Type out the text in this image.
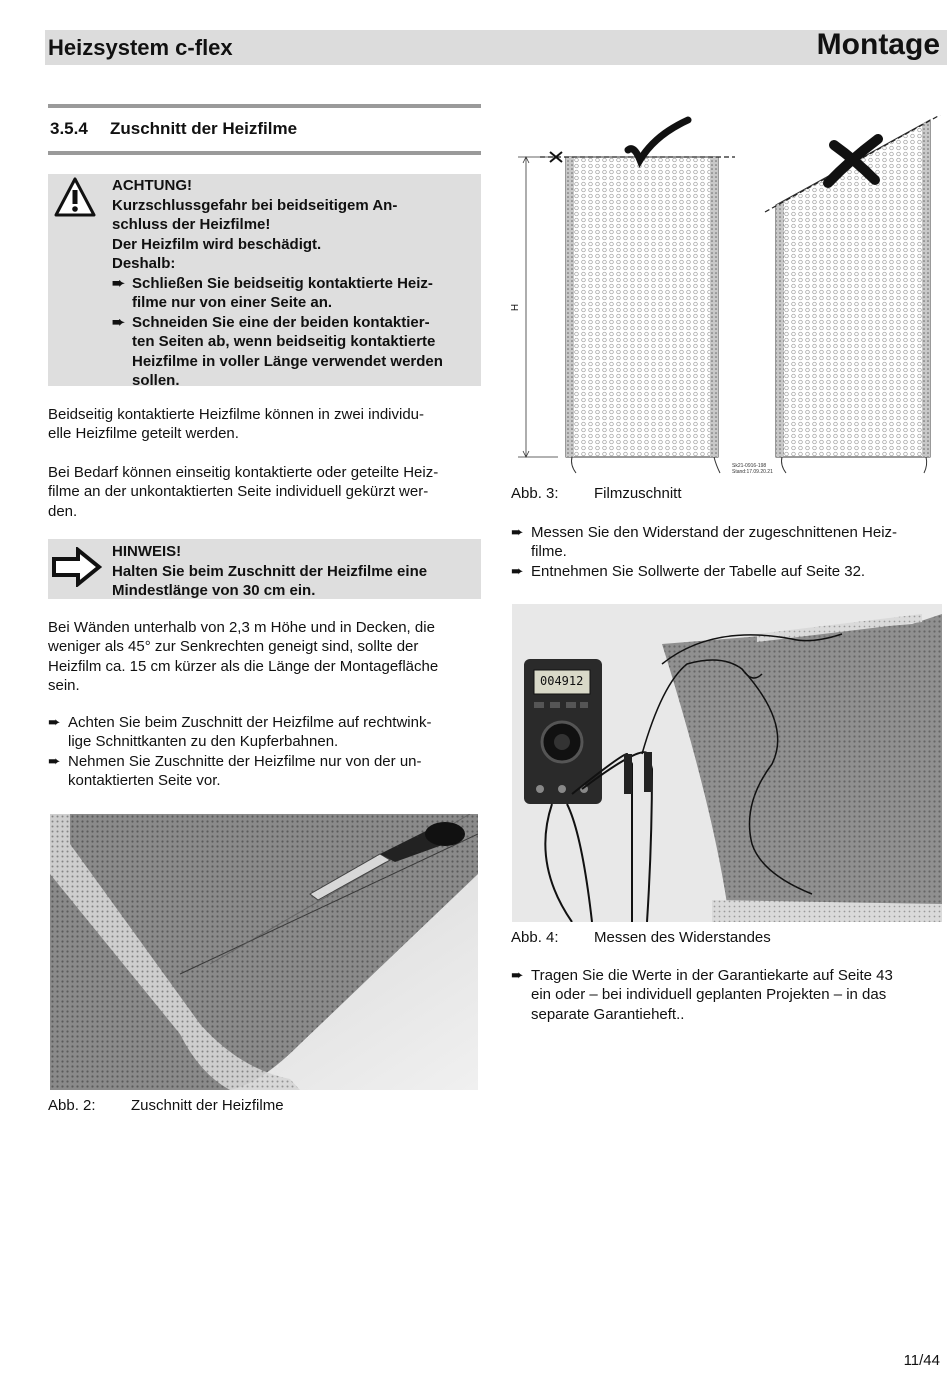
Heizsystem c-flex	Montage
3.5.4 Zuschnitt der Heizfilme
ACHTUNG!
Kurzschlussgefahr bei beidseitigem An-
schluss der Heizfilme!
Der Heizfilm wird beschädigt.
Deshalb:
➨ Schließen Sie beidseitig kontaktierte Heiz-
filme nur von einer Seite an.
➨ Schneiden Sie eine der beiden kontaktier-
ten Seiten ab, wenn beidseitig kontaktierte
Heizfilme in voller Länge verwendet werden
sollen.
Beidseitig kontaktierte Heizfilme können in zwei individu-
elle Heizfilme geteilt werden.
Bei Bedarf können einseitig kontaktierte oder geteilte Heiz-
filme an der unkontaktierten Seite individuell gekürzt wer-
den.
HINWEIS!
Halten Sie beim Zuschnitt der Heizfilme eine
Mindestlänge von 30 cm ein.
Bei Wänden unterhalb von 2,3 m Höhe und in Decken, die
weniger als 45° zur Senkrechten geneigt sind, sollte der
Heizfilm ca. 15 cm kürzer als die Länge der Montagefläche
sein.
➨ Achten Sie beim Zuschnitt der Heizfilme auf rechtwink-
lige Schnittkanten zu den Kupferbahnen.
➨ Nehmen Sie Zuschnitte der Heizfilme nur von der un-
kontaktierten Seite vor.
Abb. 2: Zuschnitt der Heizfilme
H
Sk21-0916-198
Stand:17.09.20.21
Abb. 3: Filmzuschnitt
➨ Messen Sie den Widerstand der zugeschnittenen Heiz-
filme.
➨ Entnehmen Sie Sollwerte der Tabelle auf Seite 32.
004912
Abb. 4: Messen des Widerstandes
➨ Tragen Sie die Werte in der Garantiekarte auf Seite 43
ein oder – bei individuell geplanten Projekten – in das
separate Garantieheft..
11/44
